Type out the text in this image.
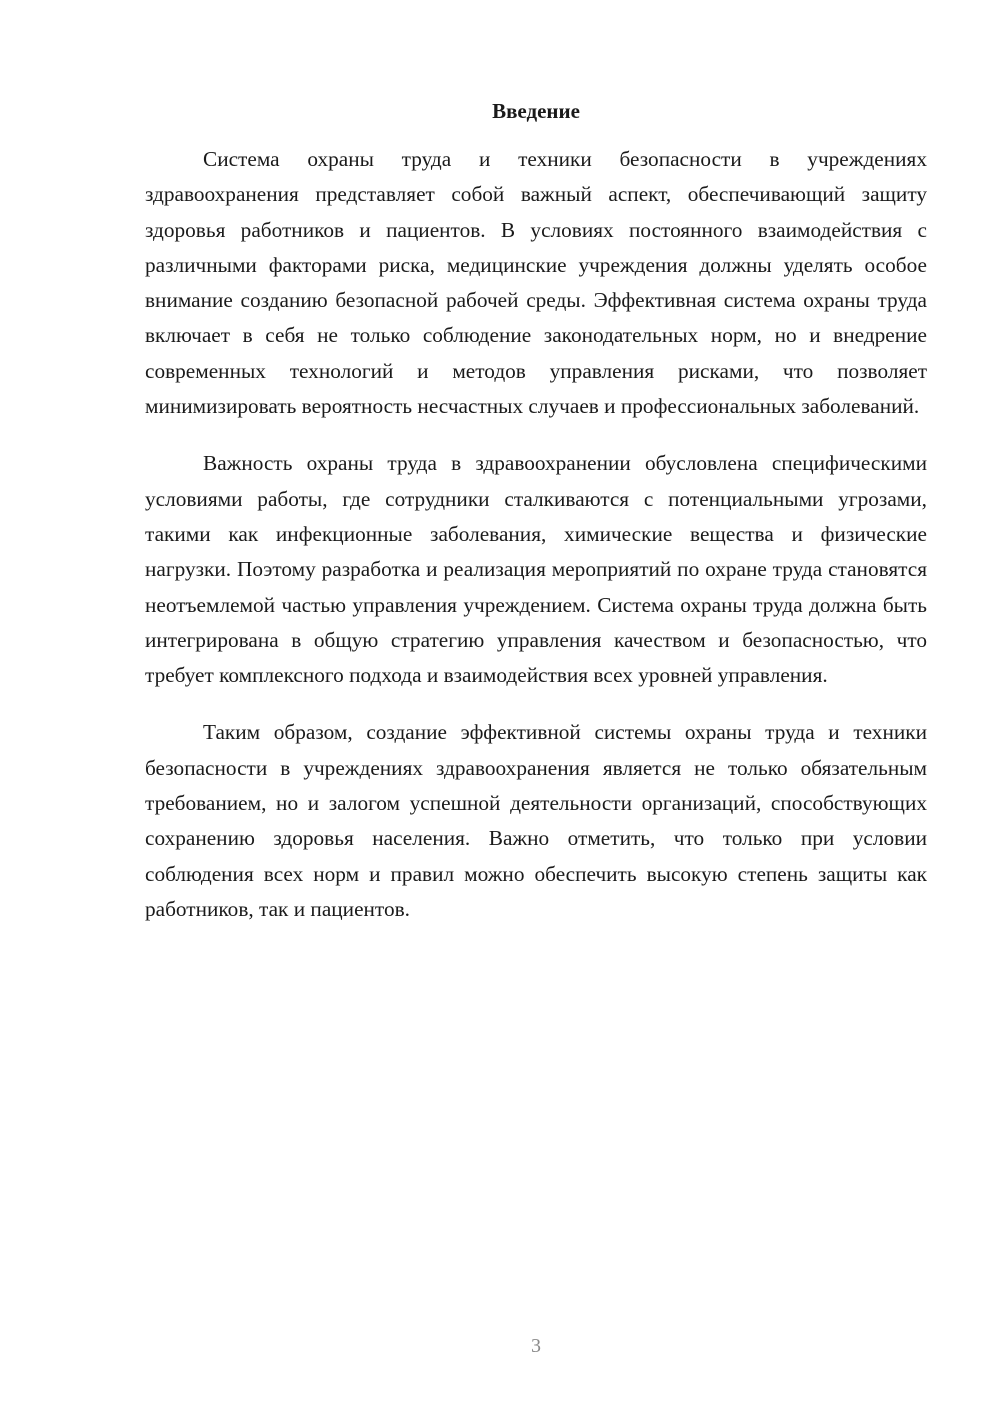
Введение

Система охраны труда и техники безопасности в учреждениях здравоохранения представляет собой важный аспект, обеспечивающий защиту здоровья работников и пациентов. В условиях постоянного взаимодействия с различными факторами риска, медицинские учреждения должны уделять особое внимание созданию безопасной рабочей среды. Эффективная система охраны труда включает в себя не только соблюдение законодательных норм, но и внедрение современных технологий и методов управления рисками, что позволяет минимизировать вероятность несчастных случаев и профессиональных заболеваний.

Важность охраны труда в здравоохранении обусловлена специфическими условиями работы, где сотрудники сталкиваются с потенциальными угрозами, такими как инфекционные заболевания, химические вещества и физические нагрузки. Поэтому разработка и реализация мероприятий по охране труда становятся неотъемлемой частью управления учреждением. Система охраны труда должна быть интегрирована в общую стратегию управления качеством и безопасностью, что требует комплексного подхода и взаимодействия всех уровней управления.

Таким образом, создание эффективной системы охраны труда и техники безопасности в учреждениях здравоохранения является не только обязательным требованием, но и залогом успешной деятельности организаций, способствующих сохранению здоровья населения. Важно отметить, что только при условии соблюдения всех норм и правил можно обеспечить высокую степень защиты как работников, так и пациентов.

3
